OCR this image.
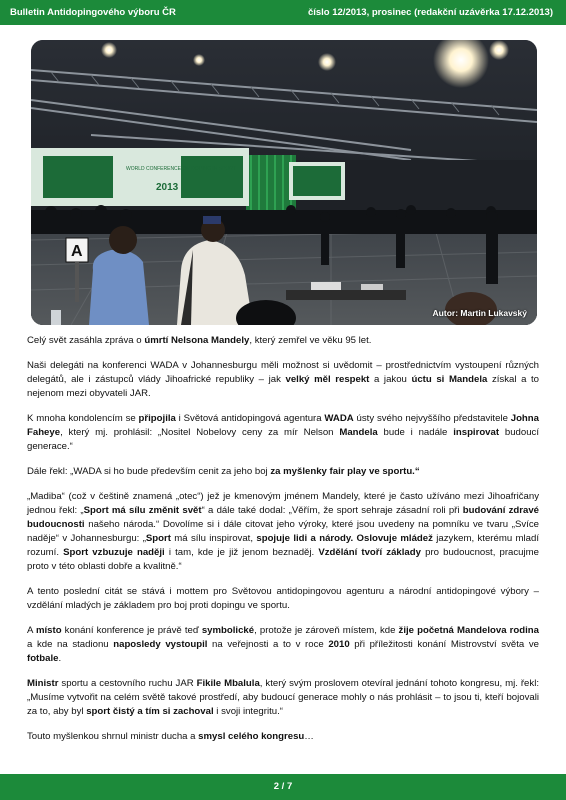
Bulletin Antidopingového výboru ČR	číslo 12/2013, prosinec (redakční uzávěrka 17.12.2013)
WORLD CONFERENCE ON DOPING IN SPORT
2013
A
Autor: Martin Lukavský

Celý svět zasáhla zpráva o úmrtí Nelsona Mandely, který zemřel ve věku 95 let.

Naši delegáti na konferenci WADA v Johannesburgu měli možnost si uvědomit – prostřednictvím vystoupení různých delegátů, ale i zástupců vlády Jihoafrické republiky – jak velký měl respekt a jakou úctu si Mandela získal a to nejenom mezi obyvateli JAR.

K mnoha kondolencím se připojila i Světová antidopingová agentura WADA ústy svého nejvyššího představitele Johna Faheye, který mj. prohlásil: „Nositel Nobelovy ceny za mír Nelson Mandela bude i nadále inspirovat budoucí generace.“

Dále řekl: „WADA si ho bude především cenit za jeho boj za myšlenky fair play ve sportu.“

„Madiba“ (což v češtině znamená „otec“) jež je kmenovým jménem Mandely, které je často užíváno mezi Jihoafričany jednou řekl: „Sport má sílu změnit svět“ a dále také dodal: „Věřím, že sport sehraje zásadní roli při budování zdravé budoucnosti našeho národa.“ Dovolíme si i dále citovat jeho výroky, které jsou uvedeny na pomníku ve tvaru „Svíce naděje“ v Johannesburgu: „Sport má sílu inspirovat, spojuje lidi a národy. Oslovuje mládež jazykem, kterému mladí rozumí. Sport vzbuzuje naději i tam, kde je již jenom beznaděj. Vzdělání tvoří základy pro budoucnost, pracujme proto v této oblasti dobře a kvalitně.“

A tento poslední citát se stává i mottem pro Světovou antidopingovou agenturu a národní antidopingové výbory – vzdělání mladých je základem pro boj proti dopingu ve sportu.

A místo konání konference je právě teď symbolické, protože je zároveň místem, kde žije početná Mandelova rodina a kde na stadionu naposledy vystoupil na veřejnosti a to v roce 2010 při příležitosti konání Mistrovství světa ve fotbale.

Ministr sportu a cestovního ruchu JAR Fikile Mbalula, který svým proslovem otevíral jednání tohoto kongresu, mj. řekl: „Musíme vytvořit na celém světě takové prostředí, aby budoucí generace mohly o nás prohlásit – to jsou ti, kteří bojovali za to, aby byl sport čistý a tím si zachoval i svoji integritu.“

Touto myšlenkou shrnul ministr ducha a smysl celého kongresu…

2 / 7
